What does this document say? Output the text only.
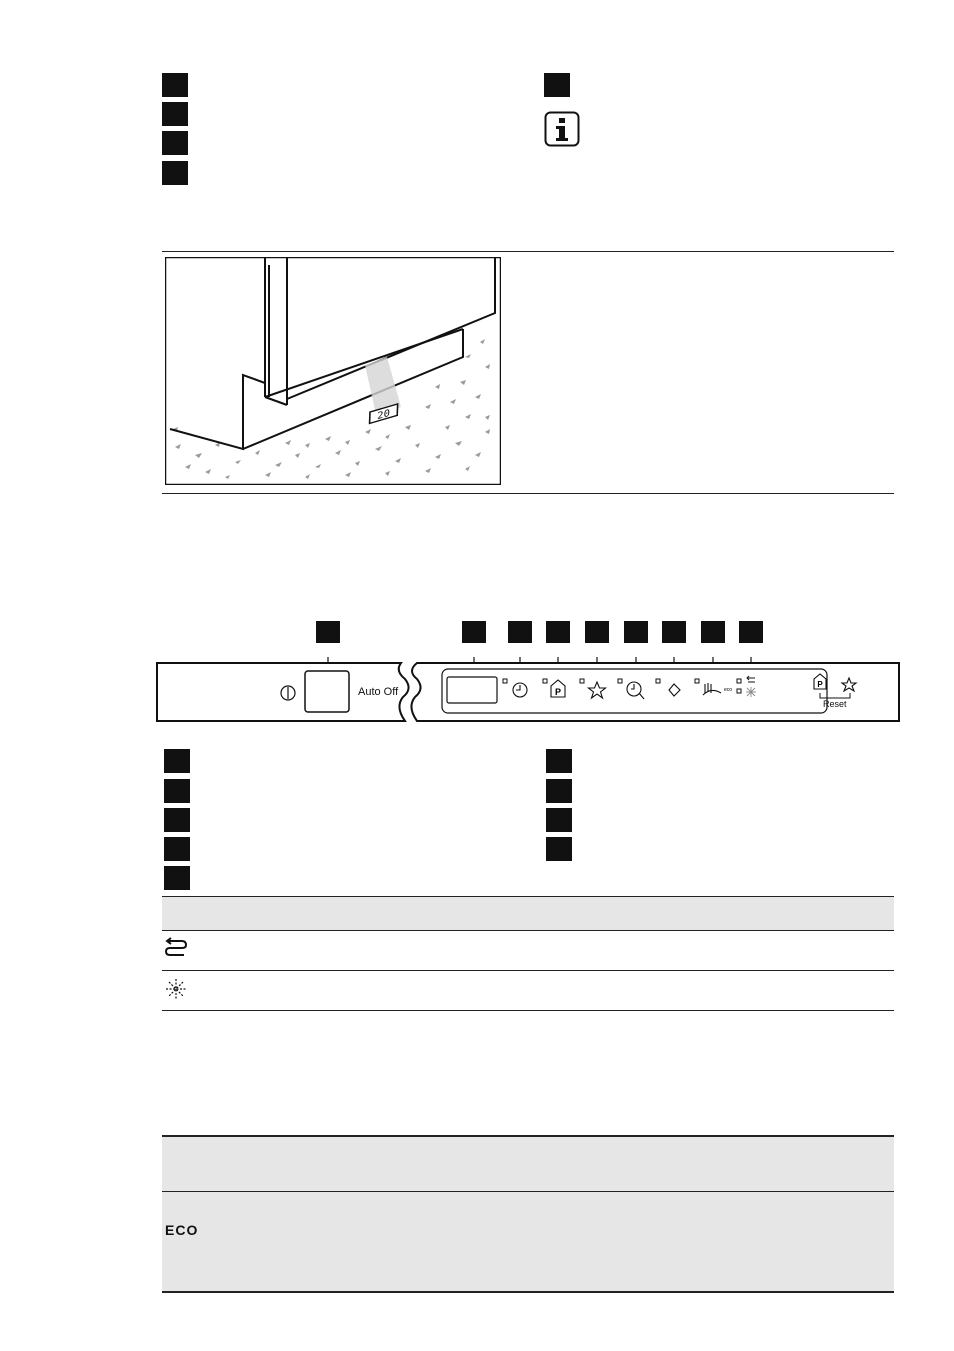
20
P	eco
P
Auto Off
Reset
ECO
